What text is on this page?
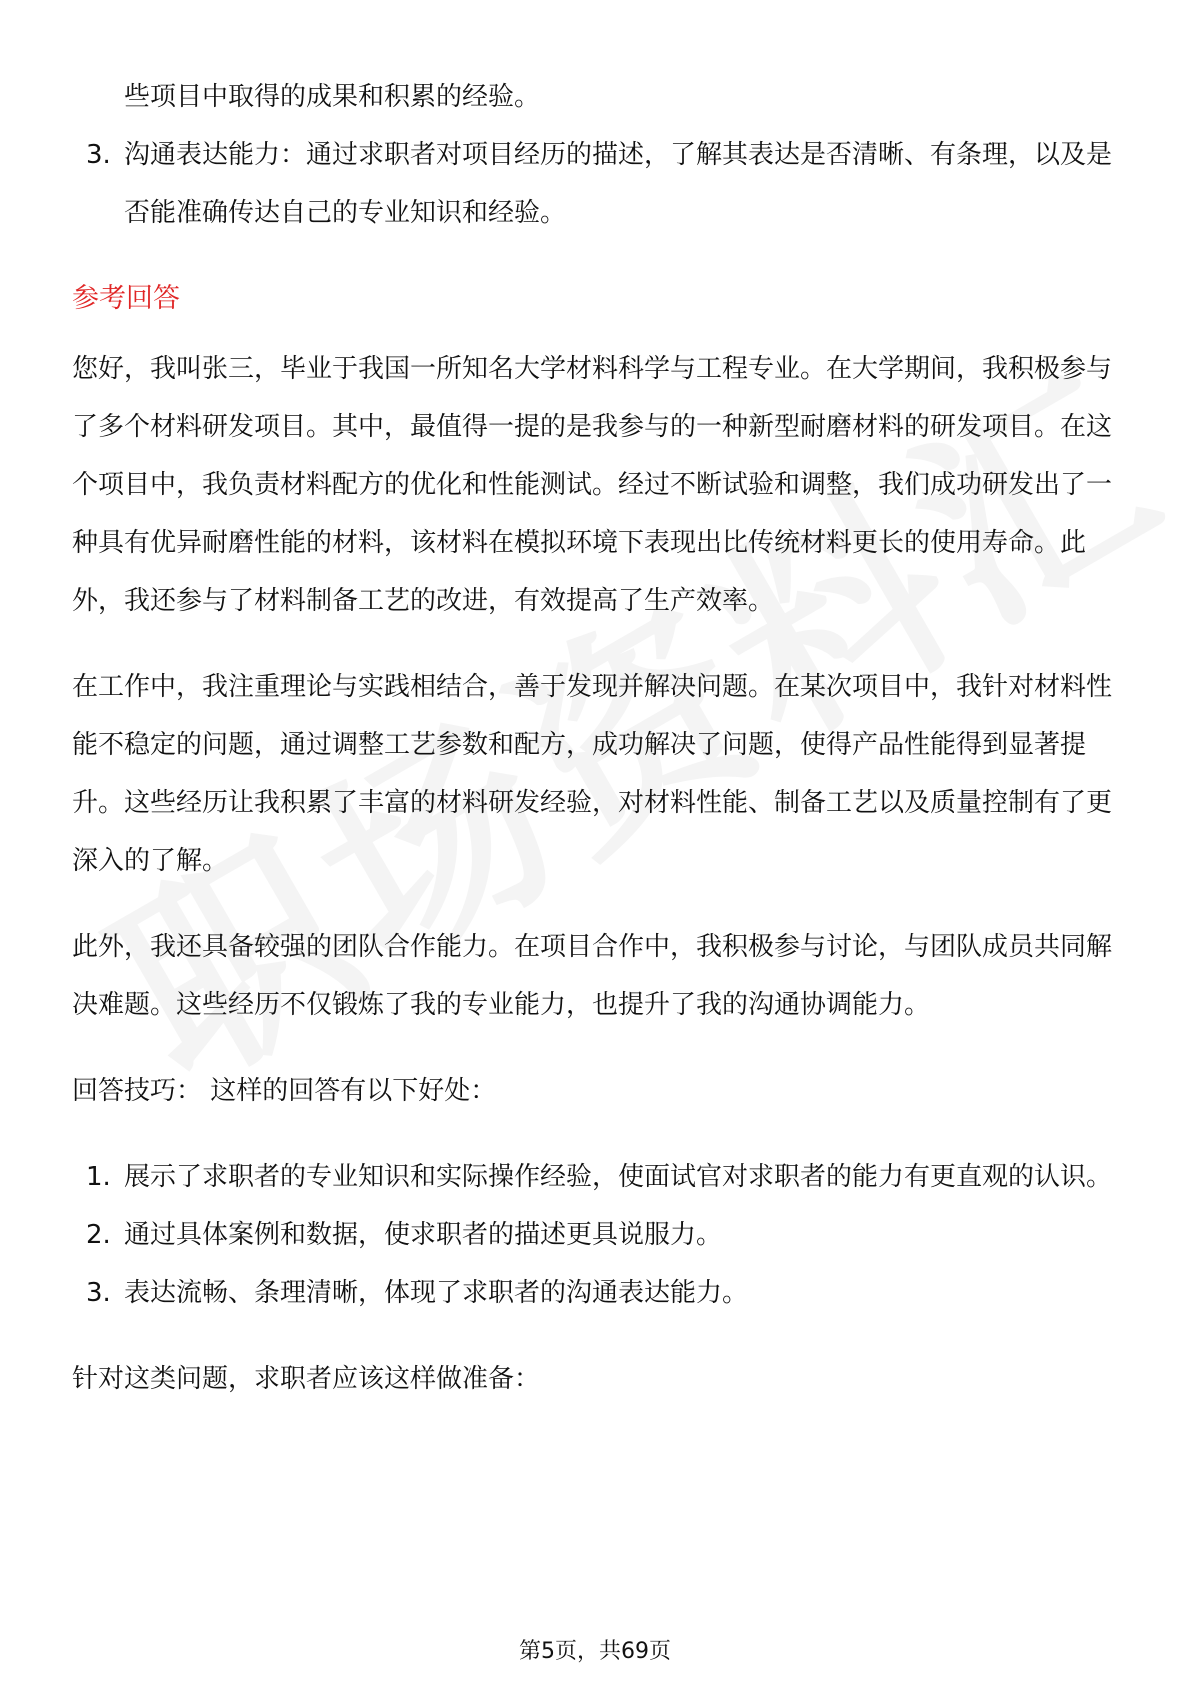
些项目中取得的成果和积累的经验。
3. 沟通表达能力：通过求职者对项目经历的描述，了解其表达是否清晰、有条理，以及是否能准确传达自己的专业知识和经验。

参考回答

您好，我叫张三，毕业于我国一所知名大学材料科学与工程专业。在大学期间，我积极参与了多个材料研发项目。其中，最值得一提的是我参与的一种新型耐磨材料的研发项目。在这个项目中，我负责材料配方的优化和性能测试。经过不断试验和调整，我们成功研发出了一种具有优异耐磨性能的材料，该材料在模拟环境下表现出比传统材料更长的使用寿命。此外，我还参与了材料制备工艺的改进，有效提高了生产效率。

在工作中，我注重理论与实践相结合，善于发现并解决问题。在某次项目中，我针对材料性能不稳定的问题，通过调整工艺参数和配方，成功解决了问题，使得产品性能得到显著提升。这些经历让我积累了丰富的材料研发经验，对材料性能、制备工艺以及质量控制有了更深入的了解。

此外，我还具备较强的团队合作能力。在项目合作中，我积极参与讨论，与团队成员共同解决难题。这些经历不仅锻炼了我的专业能力，也提升了我的沟通协调能力。

回答技巧： 这样的回答有以下好处：

1. 展示了求职者的专业知识和实际操作经验，使面试官对求职者的能力有更直观的认识。
2. 通过具体案例和数据，使求职者的描述更具说服力。
3. 表达流畅、条理清晰，体现了求职者的沟通表达能力。

针对这类问题，求职者应该这样做准备：

第5页，共69页
